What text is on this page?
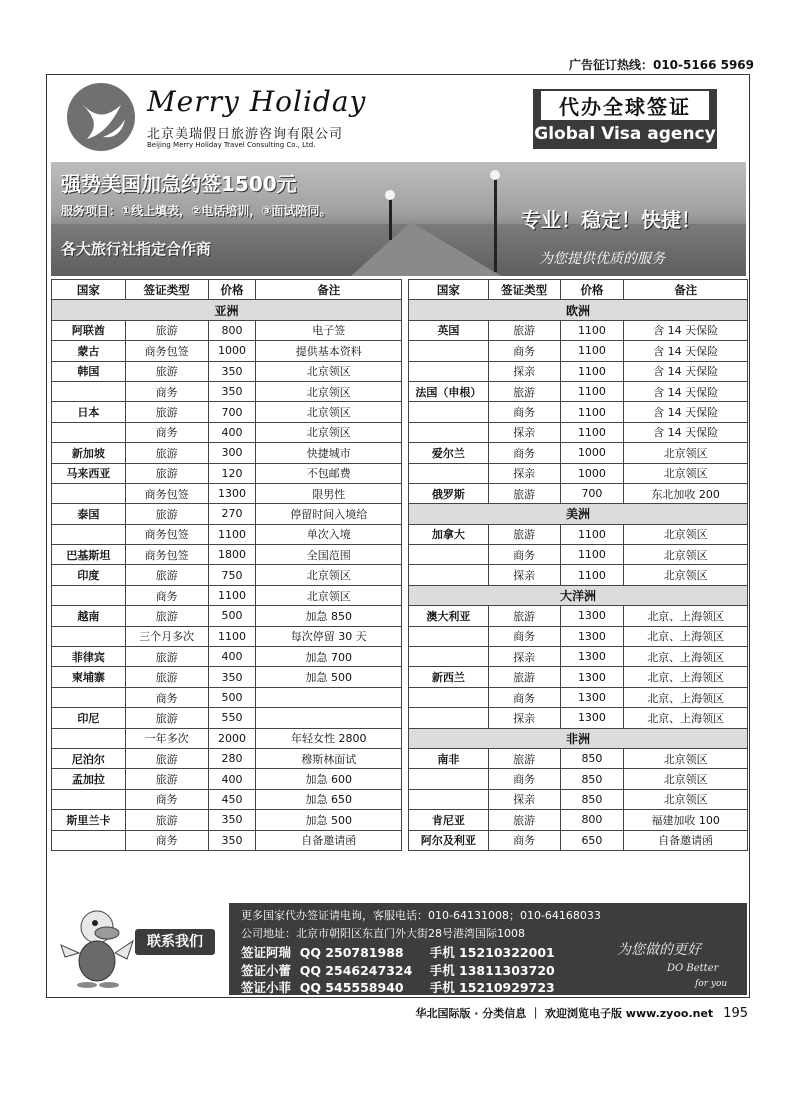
广告征订热线：010-5166 5969
Merry Holiday
北京美瑞假日旅游咨询有限公司
Beijing Merry Holiday Travel Consulting Co., Ltd.
代办全球签证
Global Visa agency
强势美国加急约签1500元
服务项目：①线上填表，②电话培训，③面试陪同。
各大旅行社指定合作商
专业！稳定！快捷！
为您提供优质的服务
国家	签证类型	价格	备注
亚洲			
阿联酋	旅游	800	电子签
蒙古	商务包签	1000	提供基本资料
韩国	旅游	350	北京领区
	商务	350	北京领区
日本	旅游	700	北京领区
	商务	400	北京领区
新加坡	旅游	300	快捷城市
马来西亚	旅游	120	不包邮费
	商务包签	1300	限男性
泰国	旅游	270	停留时间入境给
	商务包签	1100	单次入境
巴基斯坦	商务包签	1800	全国范围
印度	旅游	750	北京领区
	商务	1100	北京领区
越南	旅游	500	加急 850
	三个月多次	1100	每次停留 30 天
菲律宾	旅游	400	加急 700
柬埔寨	旅游	350	加急 500
	商务	500	
印尼	旅游	550	
	一年多次	2000	年轻女性 2800
尼泊尔	旅游	280	穆斯林面试
孟加拉	旅游	400	加急 600
	商务	450	加急 650
斯里兰卡	旅游	350	加急 500
	商务	350	自备邀请函
国家	签证类型	价格	备注
欧洲			
英国	旅游	1100	含 14 天保险
	商务	1100	含 14 天保险
	探亲	1100	含 14 天保险
法国（申根）	旅游	1100	含 14 天保险
	商务	1100	含 14 天保险
	探亲	1100	含 14 天保险
爱尔兰	商务	1000	北京领区
	探亲	1000	北京领区
俄罗斯	旅游	700	东北加收 200
美洲			
加拿大	旅游	1100	北京领区
	商务	1100	北京领区
	探亲	1100	北京领区
大洋洲			
澳大利亚	旅游	1300	北京、上海领区
	商务	1300	北京、上海领区
	探亲	1300	北京、上海领区
新西兰	旅游	1300	北京、上海领区
	商务	1300	北京、上海领区
	探亲	1300	北京、上海领区
非洲			
南非	旅游	850	北京领区
	商务	850	北京领区
	探亲	850	北京领区
肯尼亚	旅游	800	福建加收 100
阿尔及利亚	商务	650	自备邀请函
联系我们
更多国家代办签证请电询，客服电话：010-64131008；010-64168033
公司地址：北京市朝阳区东直门外大街28号港湾国际1008
签证阿瑞  QQ 250781988      手机 15210322001
签证小蕾  QQ 2546247324    手机 13811303720
签证小菲  QQ 545558940      手机 15210929723
为您做的更好
DO Better
for you
华北国际版 · 分类信息 ｜ 欢迎浏览电子版 www.zyoo.net 195
